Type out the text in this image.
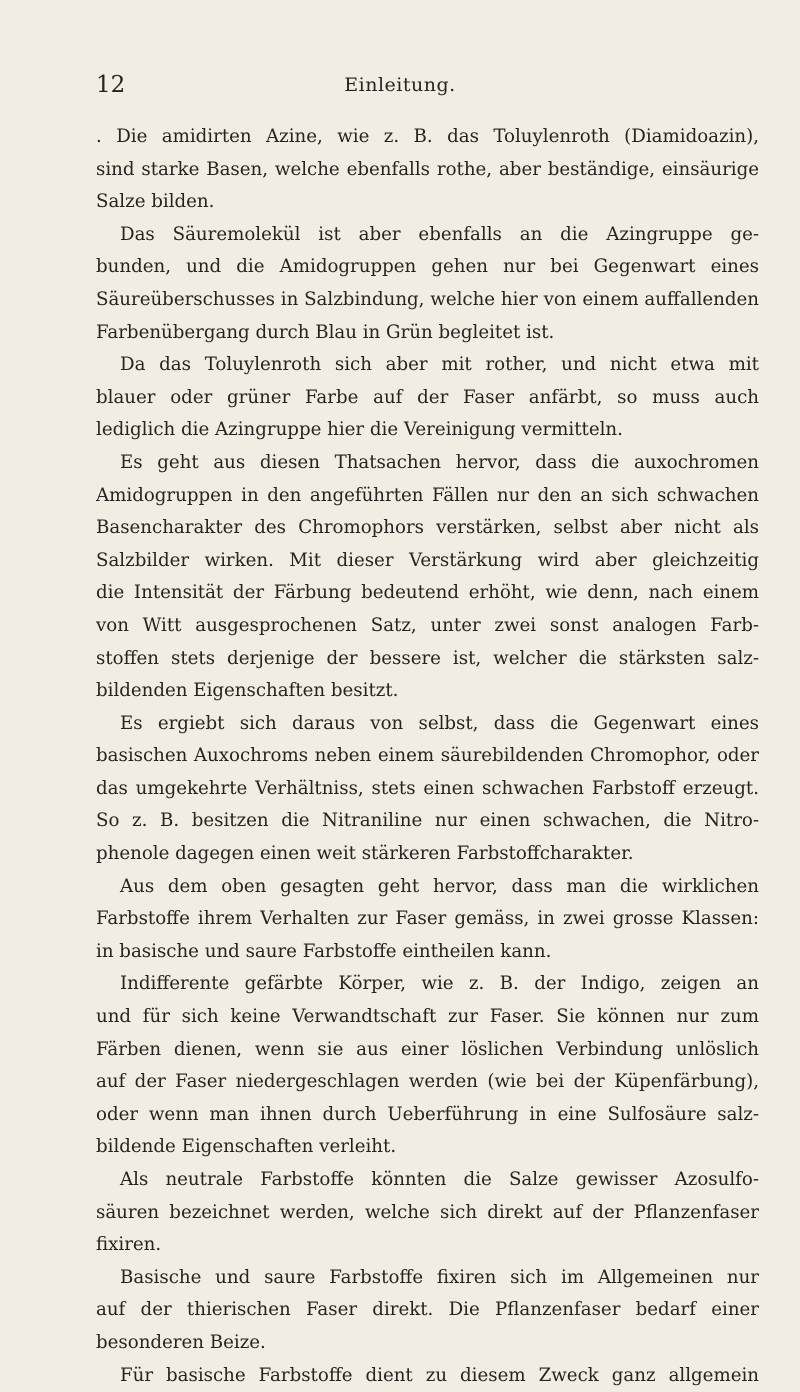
12	Einleitung.
. Die amidirten Azine, wie z. B. das Toluylenroth (Diamidoazin),
sind starke Basen, welche ebenfalls rothe, aber beständige, einsäurige
Salze bilden.
Das Säuremolekül ist aber ebenfalls an die Azingruppe ge-
bunden, und die Amidogruppen gehen nur bei Gegenwart eines
Säureüberschusses in Salzbindung, welche hier von einem auffallenden
Farbenübergang durch Blau in Grün begleitet ist.
Da das Toluylenroth sich aber mit rother, und nicht etwa mit
blauer oder grüner Farbe auf der Faser anfärbt, so muss auch
lediglich die Azingruppe hier die Vereinigung vermitteln.
Es geht aus diesen Thatsachen hervor, dass die auxochromen
Amidogruppen in den angeführten Fällen nur den an sich schwachen
Basencharakter des Chromophors verstärken, selbst aber nicht als
Salzbilder wirken. Mit dieser Verstärkung wird aber gleichzeitig
die Intensität der Färbung bedeutend erhöht, wie denn, nach einem
von Witt ausgesprochenen Satz, unter zwei sonst analogen Farb-
stoffen stets derjenige der bessere ist, welcher die stärksten salz-
bildenden Eigenschaften besitzt.
Es ergiebt sich daraus von selbst, dass die Gegenwart eines
basischen Auxochroms neben einem säurebildenden Chromophor, oder
das umgekehrte Verhältniss, stets einen schwachen Farbstoff erzeugt.
So z. B. besitzen die Nitraniline nur einen schwachen, die Nitro-
phenole dagegen einen weit stärkeren Farbstoffcharakter.
Aus dem oben gesagten geht hervor, dass man die wirklichen
Farbstoffe ihrem Verhalten zur Faser gemäss, in zwei grosse Klassen:
in basische und saure Farbstoffe eintheilen kann.
Indifferente gefärbte Körper, wie z. B. der Indigo, zeigen an
und für sich keine Verwandtschaft zur Faser. Sie können nur zum
Färben dienen, wenn sie aus einer löslichen Verbindung unlöslich
auf der Faser niedergeschlagen werden (wie bei der Küpenfärbung),
oder wenn man ihnen durch Ueberführung in eine Sulfosäure salz-
bildende Eigenschaften verleiht.
Als neutrale Farbstoffe könnten die Salze gewisser Azosulfo-
säuren bezeichnet werden, welche sich direkt auf der Pflanzenfaser
fixiren.
Basische und saure Farbstoffe fixiren sich im Allgemeinen nur
auf der thierischen Faser direkt. Die Pflanzenfaser bedarf einer
besonderen Beize.
Für basische Farbstoffe dient zu diesem Zweck ganz allgemein
